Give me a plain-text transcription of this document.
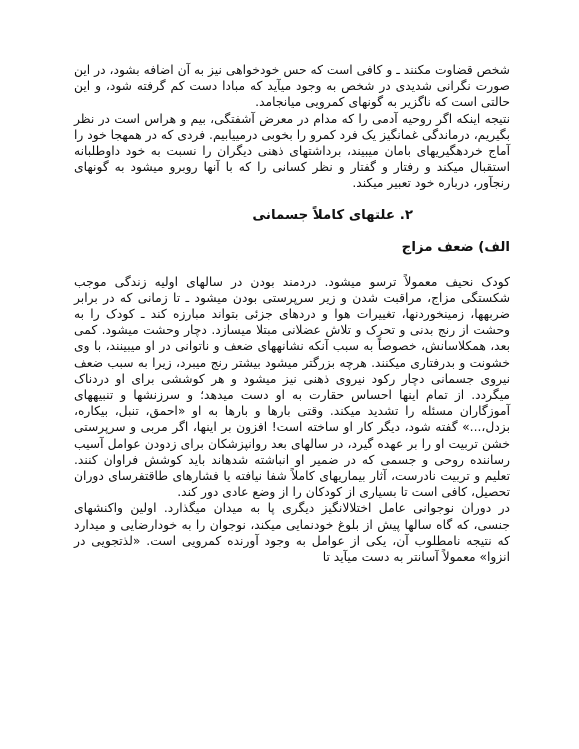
شخص قضاوت مکنند ـ و کافی است که حس خودخواهی نیز به آن اضافه بشود، در این صورت نگرانی شدیدی در شخص به وجود میآید که مبادا دست کم گرفته شود، و این حالتی است که ناگزیر به گونهای کمرویی میانجامد.

نتیجه اینکه اگر روحیه آدمی را که مدام در معرض آشفتگی، بیم و هراس است در نظر بگیریم، درماندگی غمانگیز یک فرد کمرو را بخوبی درمییابیم. فردی که در همهجا خود را آماج خردهگیریهای بامان میبیند، برداشتهای ذهنی دیگران را نسبت به خود داوطلبانه استقبال میکند و رفتار و گفتار و نظر کسانی را که با آنها روبرو میشود به گونهای رنجآور، درباره خود تعبیر میکند.

۲. علتهای کاملاً جسمانی
الف) ضعف مزاج

کودک نحیف معمولاً ترسو میشود. دردمند بودن در سالهای اولیه زندگی موجب شکستگی مزاج، مراقبت شدن و زیر سرپرستی بودن میشود ـ تا زمانی که در برابر ضربهها، زمینخوردنها، تغییرات هوا و دردهای جزئی بتواند مبارزه کند ـ کودک را به وحشت از رنج بدنی و تحرک و تلاش عضلانی مبتلا میسازد. دچار وحشت میشود. کمی بعد، همکلاسانش، خصوصاً به سبب آنکه نشانههای ضعف و ناتوانی در او میبینند، با وی خشونت و بدرفتاری میکنند. هرچه بزرگتر میشود بیشتر رنج میبرد، زیرا به سبب ضعف نیروی جسمانی دچار رکود نیروی ذهنی نیز میشود و هر کوششی برای او دردناک میگردد. از تمام اینها احساس حقارت به او دست میدهد؛ و سرزنشها و تنبیههای آموزگاران مسئله را تشدید میکند. وقتی بارها و بارها به او «احمق، تنبل، بیکاره، بزدل،...» گفته شود، دیگر کار او ساخته است! افزون بر اینها، اگر مربی و سرپرستی خشن تربیت او را بر عهده گیرد، در سالهای بعد روانپزشکان برای زدودن عوامل آسیب رساننده روحی و جسمی که در ضمیر او انباشته شدهاند باید کوشش فراوان کنند. تعلیم و تربیت نادرست، آثار بیماریهای کاملاً شفا نیافته یا فشارهای طاقتفرسای دوران تحصیل، کافی است تا بسیاری از کودکان را از وضع عادی دور کند.

در دوران نوجوانی عامل اختلالانگیز دیگری پا به میدان میگذارد. اولین واکنشهای جنسی، که گاه سالها پیش از بلوغ خودنمایی میکند، نوجوان را به خودارضایی و میدارد که نتیجه نامطلوب آن، یکی از عوامل به وجود آورنده کمرویی است. «لذتجویی در انزوا» معمولاً آسانتر به دست میآید تا
